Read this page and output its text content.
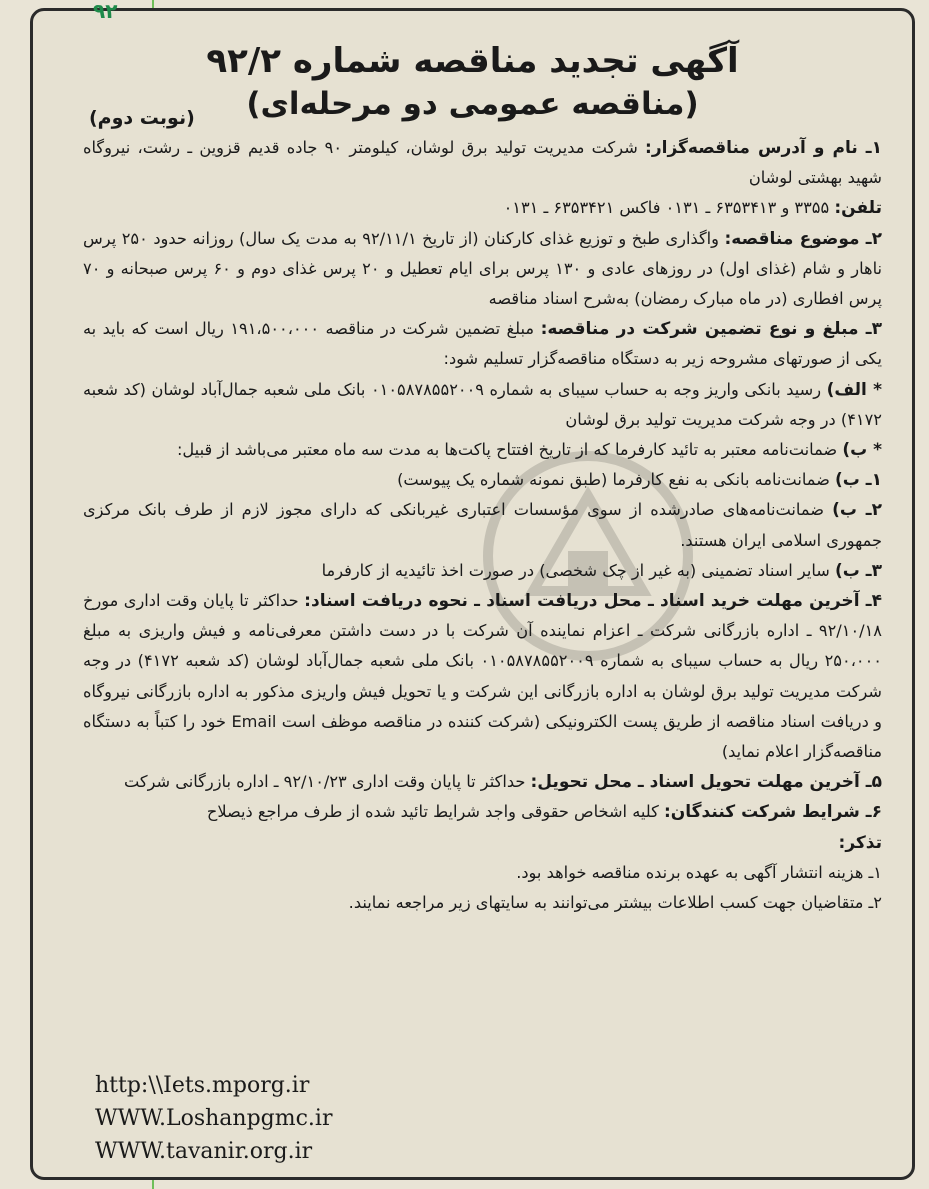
۹۲
آگهی تجدید مناقصه شماره ۹۲/۲
(مناقصه عمومی دو مرحله‌ای)
(نوبت دوم)

۱ـ نام و آدرس مناقصه‌گزار: شرکت مدیریت تولید برق لوشان، کیلومتر ۹۰ جاده قدیم قزوین ـ رشت، نیروگاه شهید بهشتی لوشان

تلفن: ۳۳۵۵ و ۶۳۵۳۴۱۳ ـ ۰۱۳۱ فاکس ۶۳۵۳۴۲۱ ـ ۰۱۳۱

۲ـ موضوع مناقصه: واگذاری طبخ و توزیع غذای کارکنان (از تاریخ ۹۲/۱۱/۱ به مدت یک سال) روزانه حدود ۲۵۰ پرس ناهار و شام (غذای اول) در روزهای عادی و ۱۳۰ پرس برای ایام تعطیل و ۲۰ پرس غذای دوم و ۶۰ پرس صبحانه و ۷۰ پرس افطاری (در ماه مبارک رمضان) به‌شرح اسناد مناقصه

۳ـ مبلغ و نوع تضمین شرکت در مناقصه: مبلغ تضمین شرکت در مناقصه ۱۹۱،۵۰۰،۰۰۰ ریال است که باید به یکی از صورتهای مشروحه زیر به دستگاه مناقصه‌گزار تسلیم شود:

* الف) رسید بانکی واریز وجه به حساب سیبای به شماره ۰۱۰۵۸۷۸۵۵۲۰۰۹ بانک ملی شعبه جمال‌آباد لوشان (کد شعبه ۴۱۷۲) در وجه شرکت مدیریت تولید برق لوشان

* ب) ضمانت‌نامه معتبر به تائید کارفرما که از تاریخ افتتاح پاکت‌ها به مدت سه ماه معتبر می‌باشد از قبیل:

۱ـ ب) ضمانت‌نامه بانکی به نفع کارفرما (طبق نمونه شماره یک پیوست)

۲ـ ب) ضمانت‌نامه‌های صادرشده از سوی مؤسسات اعتباری غیربانکی که دارای مجوز لازم از طرف بانک مرکزی جمهوری اسلامی ایران هستند.

۳ـ ب) سایر اسناد تضمینی (به غیر از چک شخصی) در صورت اخذ تائیدیه از کارفرما

۴ـ آخرین مهلت خرید اسناد ـ محل دریافت اسناد ـ نحوه دریافت اسناد: حداکثر تا پایان وقت اداری مورخ ۹۲/۱۰/۱۸ ـ اداره بازرگانی شرکت ـ اعزام نماینده آن شرکت با در دست داشتن معرفی‌نامه و فیش واریزی به مبلغ ۲۵۰،۰۰۰ ریال به حساب سیبای به شماره ۰۱۰۵۸۷۸۵۵۲۰۰۹ بانک ملی شعبه جمال‌آباد لوشان (کد شعبه ۴۱۷۲) در وجه شرکت مدیریت تولید برق لوشان به اداره بازرگانی این شرکت و یا تحویل فیش واریزی مذکور به اداره بازرگانی نیروگاه و دریافت اسناد مناقصه از طریق پست الکترونیکی (شرکت کننده در مناقصه موظف است Email خود را کتباً به دستگاه مناقصه‌گزار اعلام نماید)

۵ـ آخرین مهلت تحویل اسناد ـ محل تحویل: حداکثر تا پایان وقت اداری ۹۲/۱۰/۲۳ ـ اداره بازرگانی شرکت

۶ـ شرایط شرکت کنندگان: کلیه اشخاص حقوقی واجد شرایط تائید شده از طرف مراجع ذیصلاح

تذکر:

۱ـ هزینه انتشار آگهی به عهده برنده مناقصه خواهد بود.

۲ـ متقاضیان جهت کسب اطلاعات بیشتر می‌توانند به سایتهای زیر مراجعه نمایند.

http:\\Iets.mporg.ir
WWW.Loshanpgmc.ir
WWW.tavanir.org.ir
